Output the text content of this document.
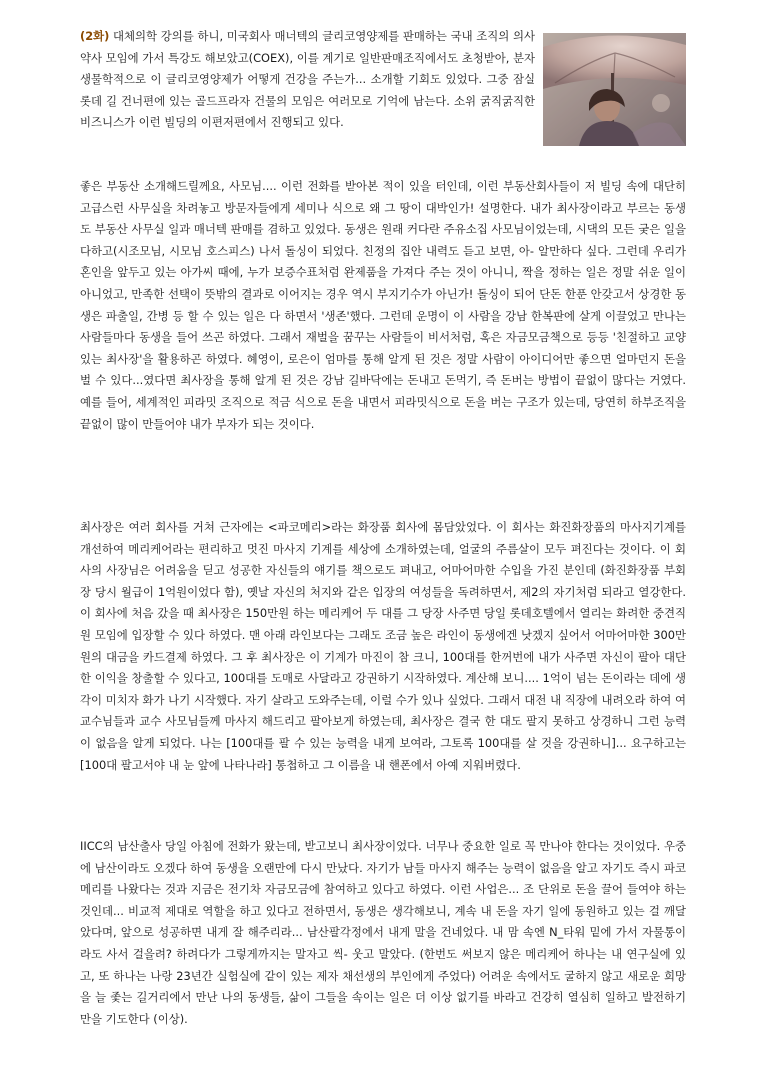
(2화) 대체의학 강의를 하니, 미국회사 매너텍의 글리코영양제를 판매하는 국내 조직의 의사약사 모임에 가서 특강도 해보았고(COEX), 이를 계기로 일반판매조직에서도 초청받아, 분자생물학적으로 이 글리코영양제가 어떻게 건강을 주는가... 소개할 기회도 있었다. 그중 잠실롯데 길 건너편에 있는 골드프라자 건물의 모임은 여러모로 기억에 남는다. 소위 굵직굵직한 비즈니스가 이런 빌딩의 이편저편에서 진행되고 있다.

좋은 부동산 소개해드릴께요, 사모님.... 이런 전화를 받아본 적이 있을 터인데, 이런 부동산회사들이 저 빌딩 속에 대단히 고급스런 사무실을 차려놓고 방문자들에게 세미나 식으로 왜 그 땅이 대박인가! 설명한다. 내가 최사장이라고 부르는 동생도 부동산 사무실 일과 매너텍 판매를 겸하고 있었다. 동생은 원래 커다란 주유소집 사모님이었는데, 시댁의 모든 궂은 일을 다하고(시조모님, 시모님 호스피스) 나서 돌싱이 되었다. 친정의 집안 내력도 듣고 보면, 아- 알만하다 싶다. 그런데 우리가 혼인을 앞두고 있는 아가씨 때에, 누가 보증수표처럼 완제품을 가져다 주는 것이 아니니, 짝을 정하는 일은 정말 쉬운 일이 아니었고, 만족한 선택이 뜻밖의 결과로 이어지는 경우 역시 부지기수가 아닌가! 돌싱이 되어 단돈 한푼 안갖고서 상경한 동생은 파출일, 간병 등 할 수 있는 일은 다 하면서 '생존'했다. 그런데 운명이 이 사람을 강남 한복판에 살게 이끌었고 만나는 사람들마다 동생을 들어 쓰곤 하였다. 그래서 재벌을 꿈꾸는 사람들이 비서처럼, 혹은 자금모금책으로 등등 '친절하고 교양있는 최사장'을 활용하곤 하였다. 혜영이, 로은이 엄마를 통해 알게 된 것은 정말 사람이 아이디어만 좋으면 얼마던지 돈을 벌 수 있다...였다면 최사장을 통해 알게 된 것은 강남 길바닥에는 돈내고 돈먹기, 즉 돈버는 방법이 끝없이 많다는 거였다. 예를 들어, 세계적인 피라밋 조직으로 적금 식으로 돈을 내면서 피라밋식으로 돈을 버는 구조가 있는데, 당연히 하부조직을 끝없이 많이 만들어야 내가 부자가 되는 것이다.

최사장은 여러 회사를 거쳐 근자에는 <파코메리>라는 화장품 회사에 몸담았었다. 이 회사는 화진화장품의 마사지기계를 개선하여 메리케어라는 편리하고 멋진 마사지 기계를 세상에 소개하였는데, 얼굴의 주름살이 모두 펴진다는 것이다. 이 회사의 사장님은 어려움을 딛고 성공한 자신들의 얘기를 책으로도 펴내고, 어마어마한 수입을 가진 분인데 (화진화장품 부회장 당시 월급이 1억원이었다 함), 옛날 자신의 처지와 같은 입장의 여성들을 독려하면서, 제2의 자기처럼 되라고 열강한다. 이 회사에 처음 갔을 때 최사장은 150만원 하는 메리케어 두 대를 그 당장 사주면 당일 롯데호텔에서 열리는 화려한 중견직원 모임에 입장할 수 있다 하였다. 맨 아래 라인보다는 그래도 조금 높은 라인이 동생에겐 낫겠지 싶어서 어마어마한 300만원의 대금을 카드결제 하였다. 그 후 최사장은 이 기계가 마진이 참 크니, 100대를 한꺼번에 내가 사주면 자신이 팔아 대단한 이익을 창출할 수 있다고, 100대를 도매로 사달라고 강권하기 시작하였다. 계산해 보니.... 1억이 넘는 돈이라는 데에 생각이 미치자 화가 나기 시작했다. 자기 살라고 도와주는데, 이럴 수가 있나 싶었다. 그래서 대전 내 직장에 내려오라 하여 여교수님들과 교수 사모님들께 마사지 해드리고 팔아보게 하였는데, 최사장은 결국 한 대도 팔지 못하고 상경하니 그런 능력이 없음을 알게 되었다. 나는 [100대를 팔 수 있는 능력을 내게 보여라, 그토록 100대를 살 것을 강권하니]... 요구하고는 [100대 팔고서야 내 눈 앞에 나타나라] 통첩하고 그 이름을 내 핸폰에서 아예 지워버렸다.

IICC의 남산출사 당일 아침에 전화가 왔는데, 받고보니 최사장이었다. 너무나 중요한 일로 꼭 만나야 한다는 것이었다. 우중에 남산이라도 오겠다 하여 동생을 오랜만에 다시 만났다. 자기가 남들 마사지 해주는 능력이 없음을 알고 자기도 즉시 파코메리를 나왔다는 것과 지금은 전기차 자금모금에 참여하고 있다고 하였다. 이런 사업은... 조 단위로 돈을 끌어 들여야 하는 것인데... 비교적 제대로 역할을 하고 있다고 전하면서, 동생은 생각해보니, 계속 내 돈을 자기 일에 동원하고 있는 걸 깨달았다며, 앞으로 성공하면 내게 잘 해주리라... 남산팔각정에서 내게 말을 건네었다. 내 맘 속엔 N_타워 밑에 가서 자물통이라도 사서 걸을려? 하려다가 그렇게까지는 말자고 씩- 웃고 말았다. (한번도 써보지 않은 메리케어 하나는 내 연구실에 있고, 또 하나는 나랑 23년간 실험실에 같이 있는 제자 채선생의 부인에게 주었다) 어려운 속에서도 굴하지 않고 새로운 희망을 늘 좇는 길거리에서 만난 나의 동생들, 삶이 그들을 속이는 일은 더 이상 없기를 바라고 건강히 열심히 일하고 발전하기만을 기도한다 (이상).
